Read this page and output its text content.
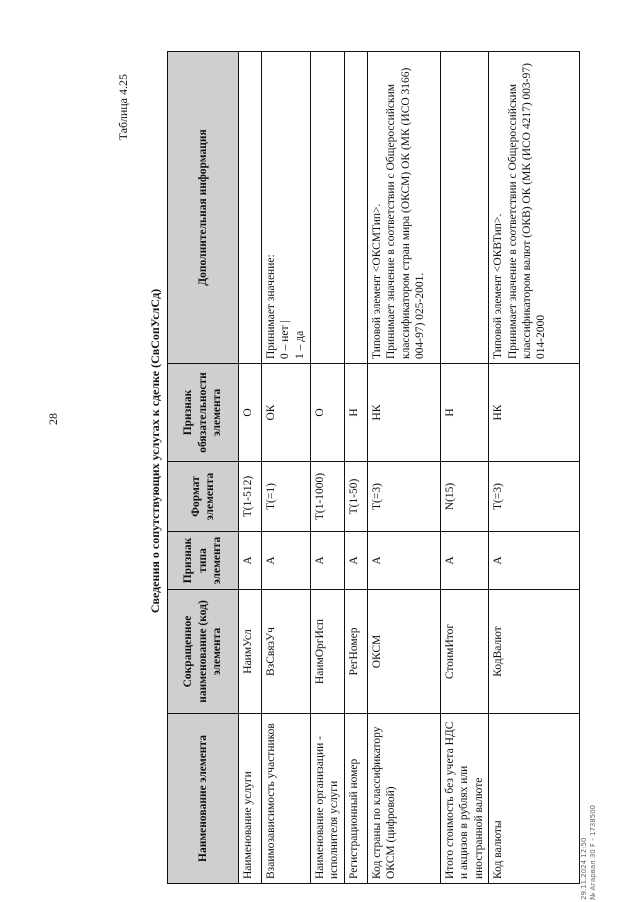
28
Таблица 4.25
Сведения о сопутствующих услугах к сделке (СвСопУслСд)
Наименование элемента	Сокращенное наименование (код) элемента	Признак типа элемента	Формат элемента	Признак обязательности элемента	Дополнительная информация
Наименование услуги	НаимУсл	А	T(1-512)	О	
Взаимозависимость участников	ВзСвязУч	А	T(=1)	ОК	Принимает значение: 0 – нет | 1 – да
Наименование организации - исполнителя услуги	НаимОргИсп	А	T(1-1000)	О	
Регистрационный номер	РегНомер	А	T(1-50)	Н	
Код страны по классификатору ОКСМ (цифровой)	ОКСМ	А	T(=3)	НК	Типовой элемент <ОКСМТип>. Принимает значение в соответствии с Общероссийским классификатором стран мира (ОКСМ) ОК (МК (ИСО 3166) 004-97) 025-2001.
Итого стоимость без учета НДС и акцизов в рублях или иностранной валюте	СтоимИтог	А	N(15)	Н	
Код валюты	КодВалют	А	T(=3)	НК	Типовой элемент <ОКВТип>. Принимает значение в соответствии с Общероссийским классификатором валют (ОКВ) ОК (МК (ИСО 4217) 003-97) 014-2000
29.11.2024 12:50 № Агарвал 30 F - 1738500
